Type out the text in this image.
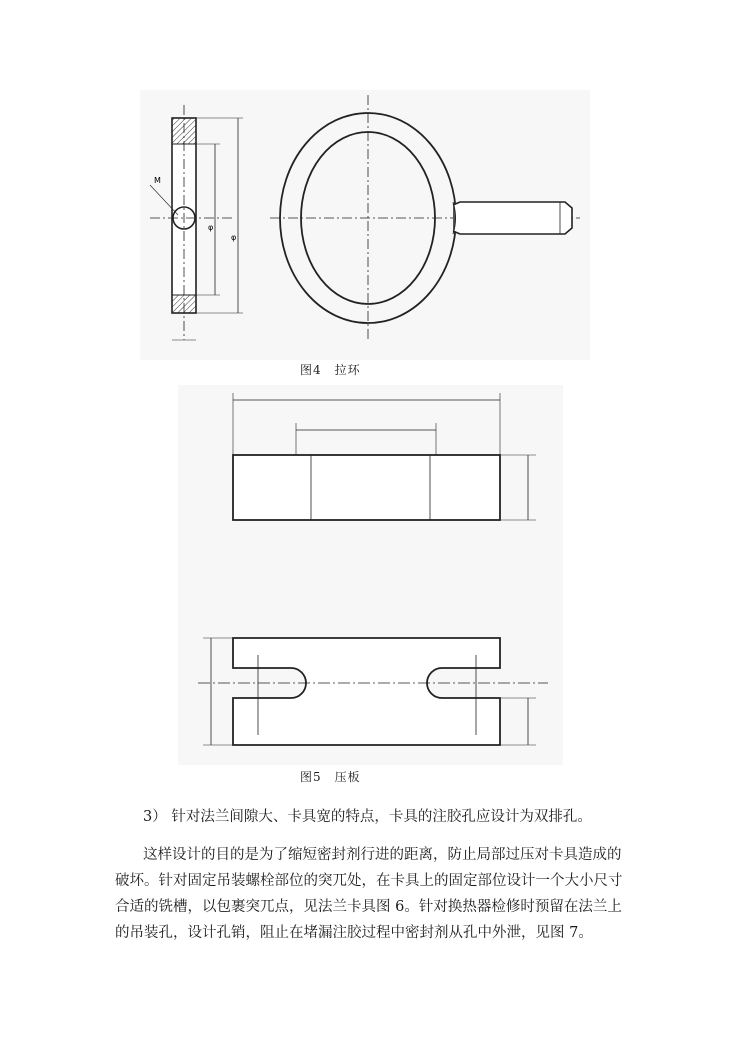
M
φ
φ
图4　拉环
图5　压板
3） 针对法兰间隙大、卡具宽的特点，卡具的注胶孔应设计为双排孔。
这样设计的目的是为了缩短密封剂行进的距离，防止局部过压对卡具造成的
破坏。针对固定吊装螺栓部位的突兀处，在卡具上的固定部位设计一个大小尺寸
合适的铣槽，以包裹突兀点，见法兰卡具图 6。针对换热器检修时预留在法兰上
的吊装孔，设计孔销，阻止在堵漏注胶过程中密封剂从孔中外泄，见图 7。
